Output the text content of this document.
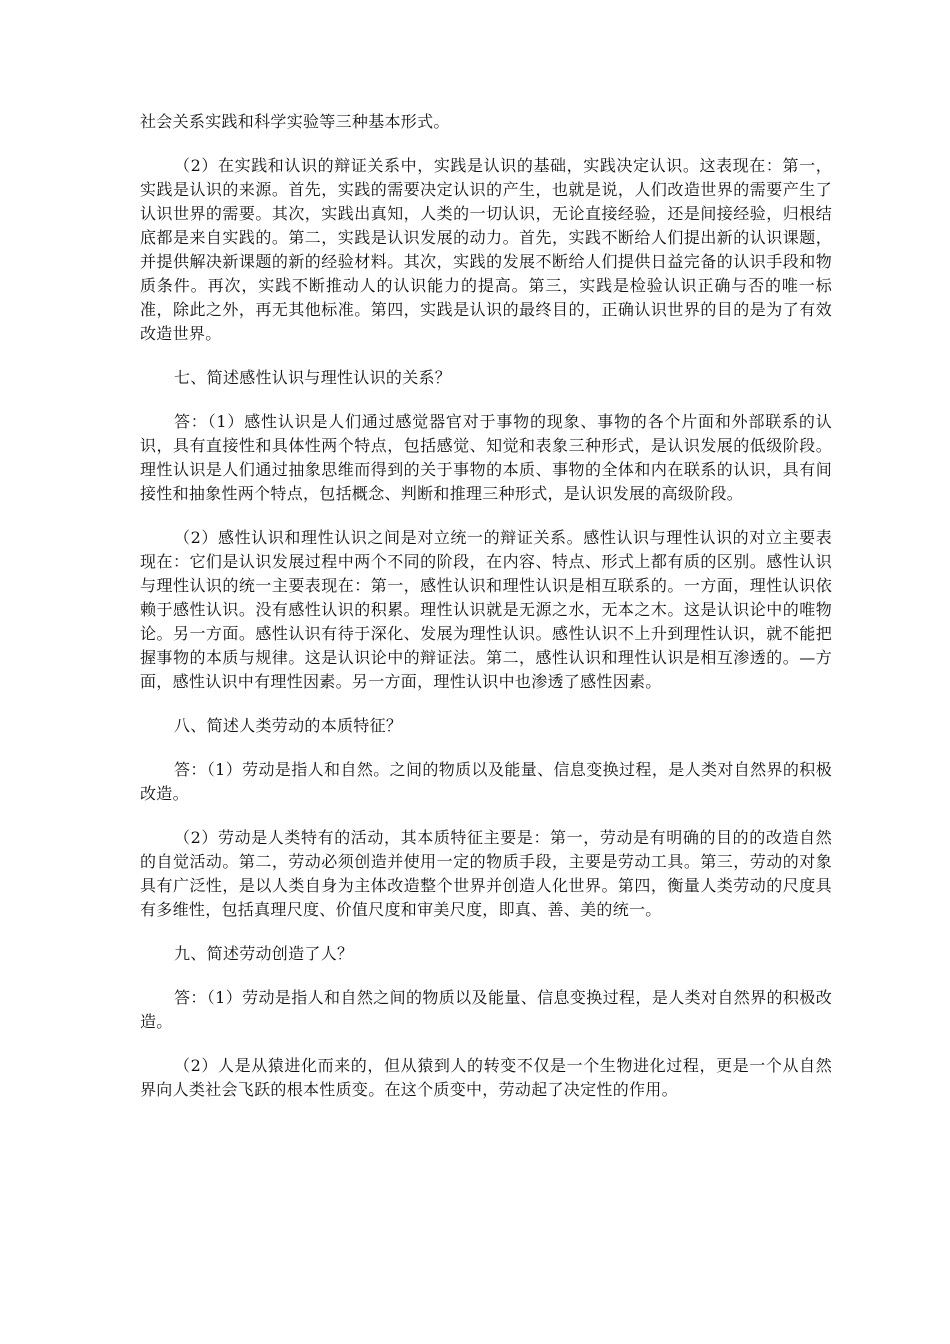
社会关系实践和科学实验等三种基本形式。

（2）在实践和认识的辩证关系中，实践是认识的基础，实践决定认识。这表现在：第一，实践是认识的来源。首先，实践的需要决定认识的产生，也就是说，人们改造世界的需要产生了认识世界的需要。其次，实践出真知，人类的一切认识，无论直接经验，还是间接经验，归根结底都是来自实践的。第二，实践是认识发展的动力。首先，实践不断给人们提出新的认识课题，并提供解决新课题的新的经验材料。其次，实践的发展不断给人们提供日益完备的认识手段和物质条件。再次，实践不断推动人的认识能力的提高。第三，实践是检验认识正确与否的唯一标准，除此之外，再无其他标准。第四，实践是认识的最终目的，正确认识世界的目的是为了有效改造世界。

七、简述感性认识与理性认识的关系？

答：（1）感性认识是人们通过感觉器官对于事物的现象、事物的各个片面和外部联系的认识，具有直接性和具体性两个特点，包括感觉、知觉和表象三种形式，是认识发展的低级阶段。理性认识是人们通过抽象思维而得到的关于事物的本质、事物的全体和内在联系的认识，具有间接性和抽象性两个特点，包括概念、判断和推理三种形式，是认识发展的高级阶段。

（2）感性认识和理性认识之间是对立统一的辩证关系。感性认识与理性认识的对立主要表现在：它们是认识发展过程中两个不同的阶段，在内容、特点、形式上都有质的区别。感性认识与理性认识的统一主要表现在：第一，感性认识和理性认识是相互联系的。一方面，理性认识依赖于感性认识。没有感性认识的积累。理性认识就是无源之水，无本之木。这是认识论中的唯物论。另一方面。感性认识有待于深化、发展为理性认识。感性认识不上升到理性认识，就不能把握事物的本质与规律。这是认识论中的辩证法。第二，感性认识和理性认识是相互渗透的。—方面，感性认识中有理性因素。另一方面，理性认识中也渗透了感性因素。

八、简述人类劳动的本质特征？

答：（1）劳动是指人和自然。之间的物质以及能量、信息变换过程，是人类对自然界的积极改造。

（2）劳动是人类特有的活动，其本质特征主要是：第一，劳动是有明确的目的的改造自然的自觉活动。第二，劳动必须创造并使用一定的物质手段，主要是劳动工具。第三，劳动的对象具有广泛性，是以人类自身为主体改造整个世界并创造人化世界。第四，衡量人类劳动的尺度具有多维性，包括真理尺度、价值尺度和审美尺度，即真、善、美的统一。

九、简述劳动创造了人？

答：（1）劳动是指人和自然之间的物质以及能量、信息变换过程，是人类对自然界的积极改造。

（2）人是从猿进化而来的，但从猿到人的转变不仅是一个生物进化过程，更是一个从自然界向人类社会飞跃的根本性质变。在这个质变中，劳动起了决定性的作用。
